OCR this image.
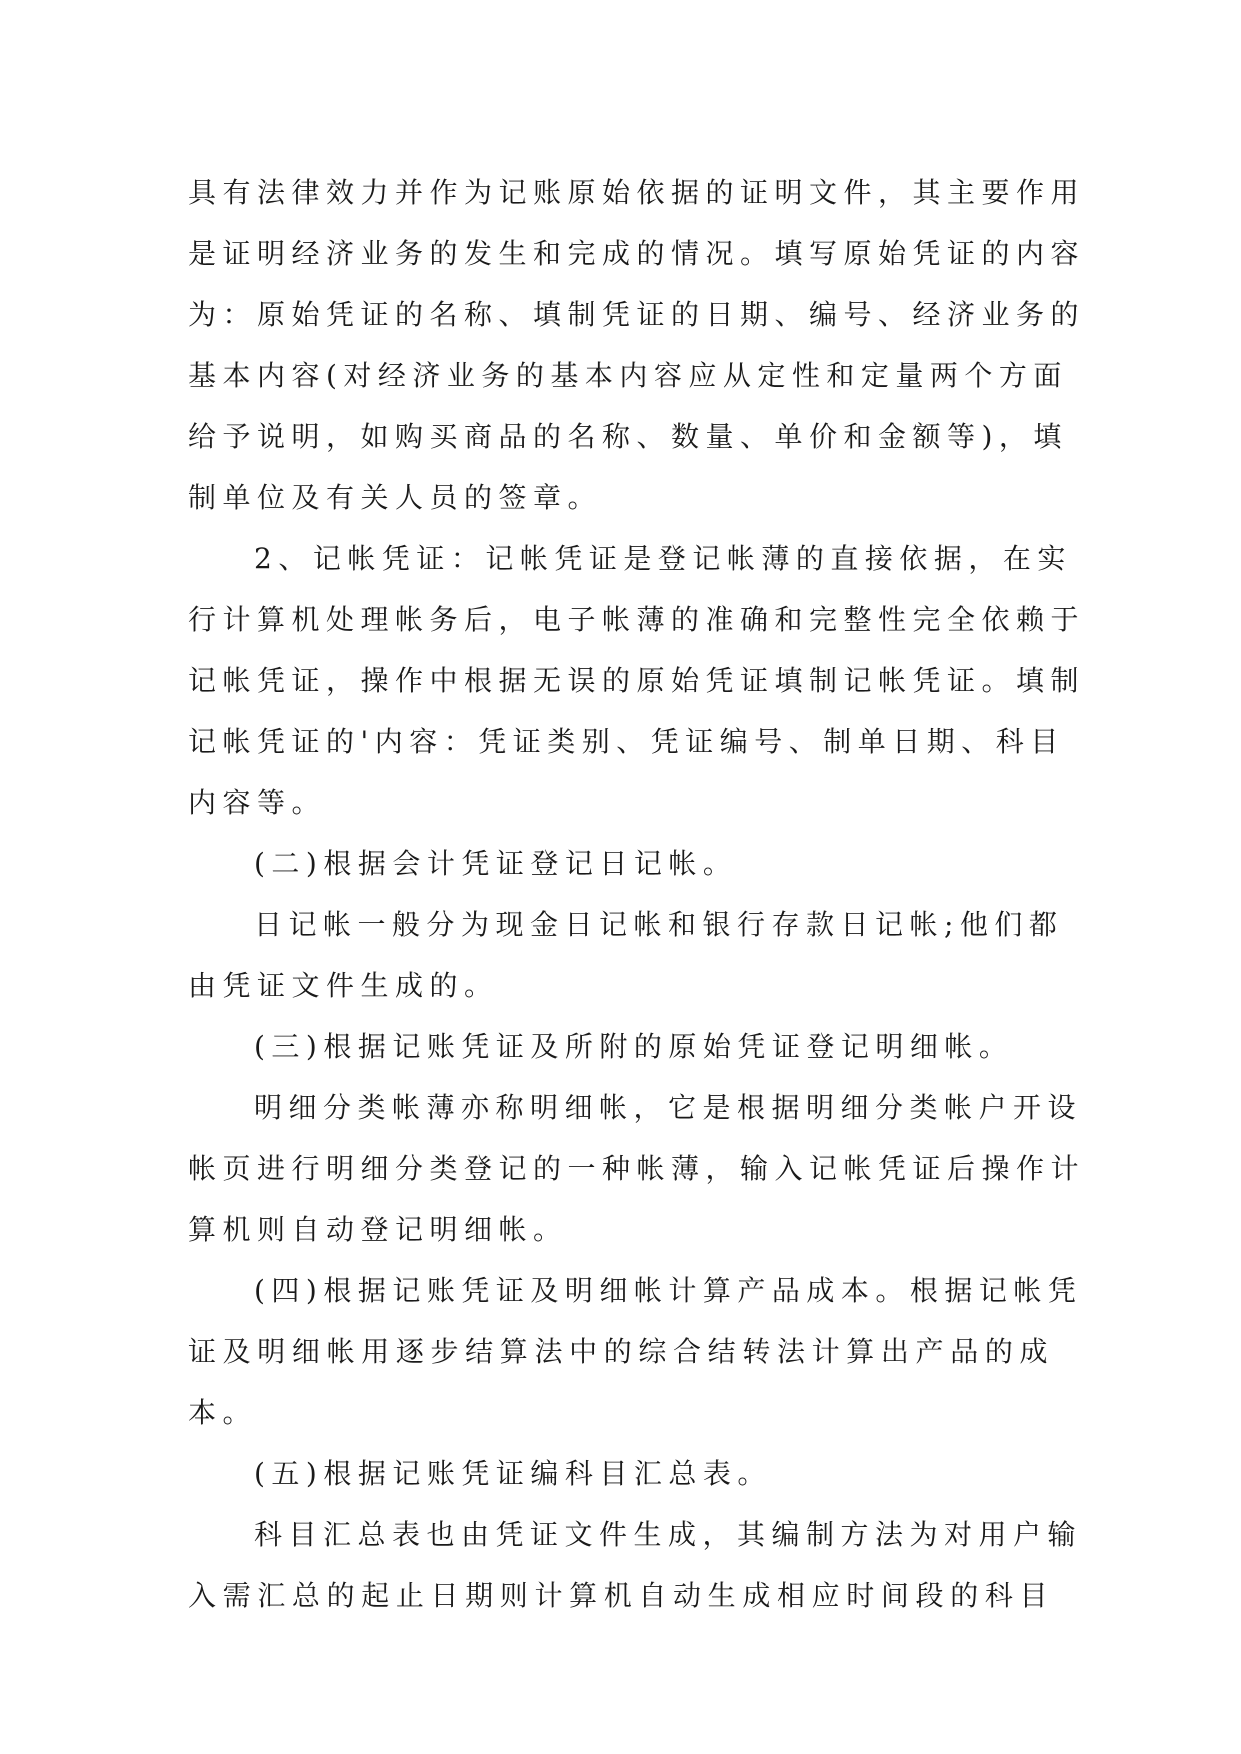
具有法律效力并作为记账原始依据的证明文件，其主要作用
是证明经济业务的发生和完成的情况。填写原始凭证的内容
为：原始凭证的名称、填制凭证的日期、编号、经济业务的
基本内容(对经济业务的基本内容应从定性和定量两个方面
给予说明，如购买商品的名称、数量、单价和金额等)，填
制单位及有关人员的签章。
2、记帐凭证：记帐凭证是登记帐薄的直接依据，在实
行计算机处理帐务后，电子帐薄的准确和完整性完全依赖于
记帐凭证，操作中根据无误的原始凭证填制记帐凭证。填制
记帐凭证的'内容：凭证类别、凭证编号、制单日期、科目
内容等。
(二)根据会计凭证登记日记帐。
日记帐一般分为现金日记帐和银行存款日记帐;他们都
由凭证文件生成的。
(三)根据记账凭证及所附的原始凭证登记明细帐。
明细分类帐薄亦称明细帐，它是根据明细分类帐户开设
帐页进行明细分类登记的一种帐薄，输入记帐凭证后操作计
算机则自动登记明细帐。
(四)根据记账凭证及明细帐计算产品成本。根据记帐凭
证及明细帐用逐步结算法中的综合结转法计算出产品的成
本。
(五)根据记账凭证编科目汇总表。
科目汇总表也由凭证文件生成，其编制方法为对用户输
入需汇总的起止日期则计算机自动生成相应时间段的科目
